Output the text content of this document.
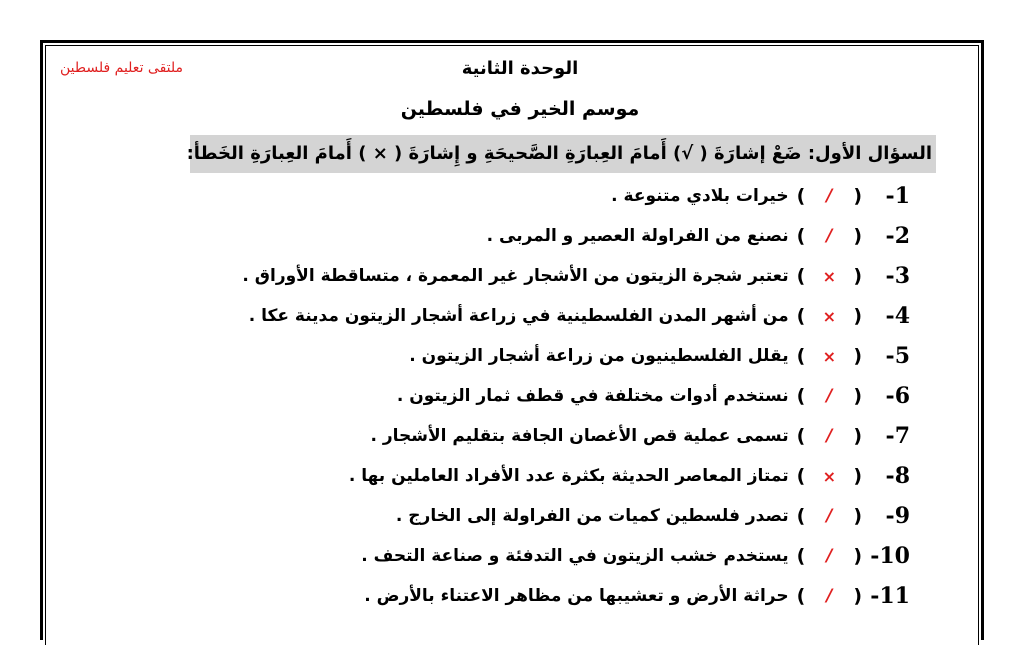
ملتقى تعليم فلسطين	الوحدة الثانية
موسم الخير في فلسطين
السؤال الأول: ضَعْ إشارَةَ ( √) أَمامَ العِبارَةِ الصَّحيحَةِ و إِشارَةَ ( × ) أَمامَ العِبارَةِ الخَطأ:
1-
(
/
)
خيرات بلادي متنوعة .
2-
(
/
)
نصنع من الفراولة العصير و المربى .
3-
(
×
)
تعتبر شجرة الزيتون من الأشجار غير المعمرة ، متساقطة الأوراق .
4-
(
×
)
من أشهر المدن الفلسطينية في زراعة أشجار الزيتون مدينة عكا .
5-
(
×
)
يقلل الفلسطينيون من زراعة أشجار الزيتون .
6-
(
/
)
نستخدم أدوات مختلفة في قطف ثمار الزيتون .
7-
(
/
)
تسمى عملية قص الأغصان الجافة بتقليم الأشجار .
8-
(
×
)
تمتاز المعاصر الحديثة بكثرة عدد الأفراد العاملين بها .
9-
(
/
)
تصدر فلسطين كميات من الفراولة إلى الخارج .
10-
(
/
)
يستخدم خشب الزيتون في التدفئة و صناعة التحف .
11-
(
/
)
حراثة الأرض و تعشيبها من مظاهر الاعتناء بالأرض .
